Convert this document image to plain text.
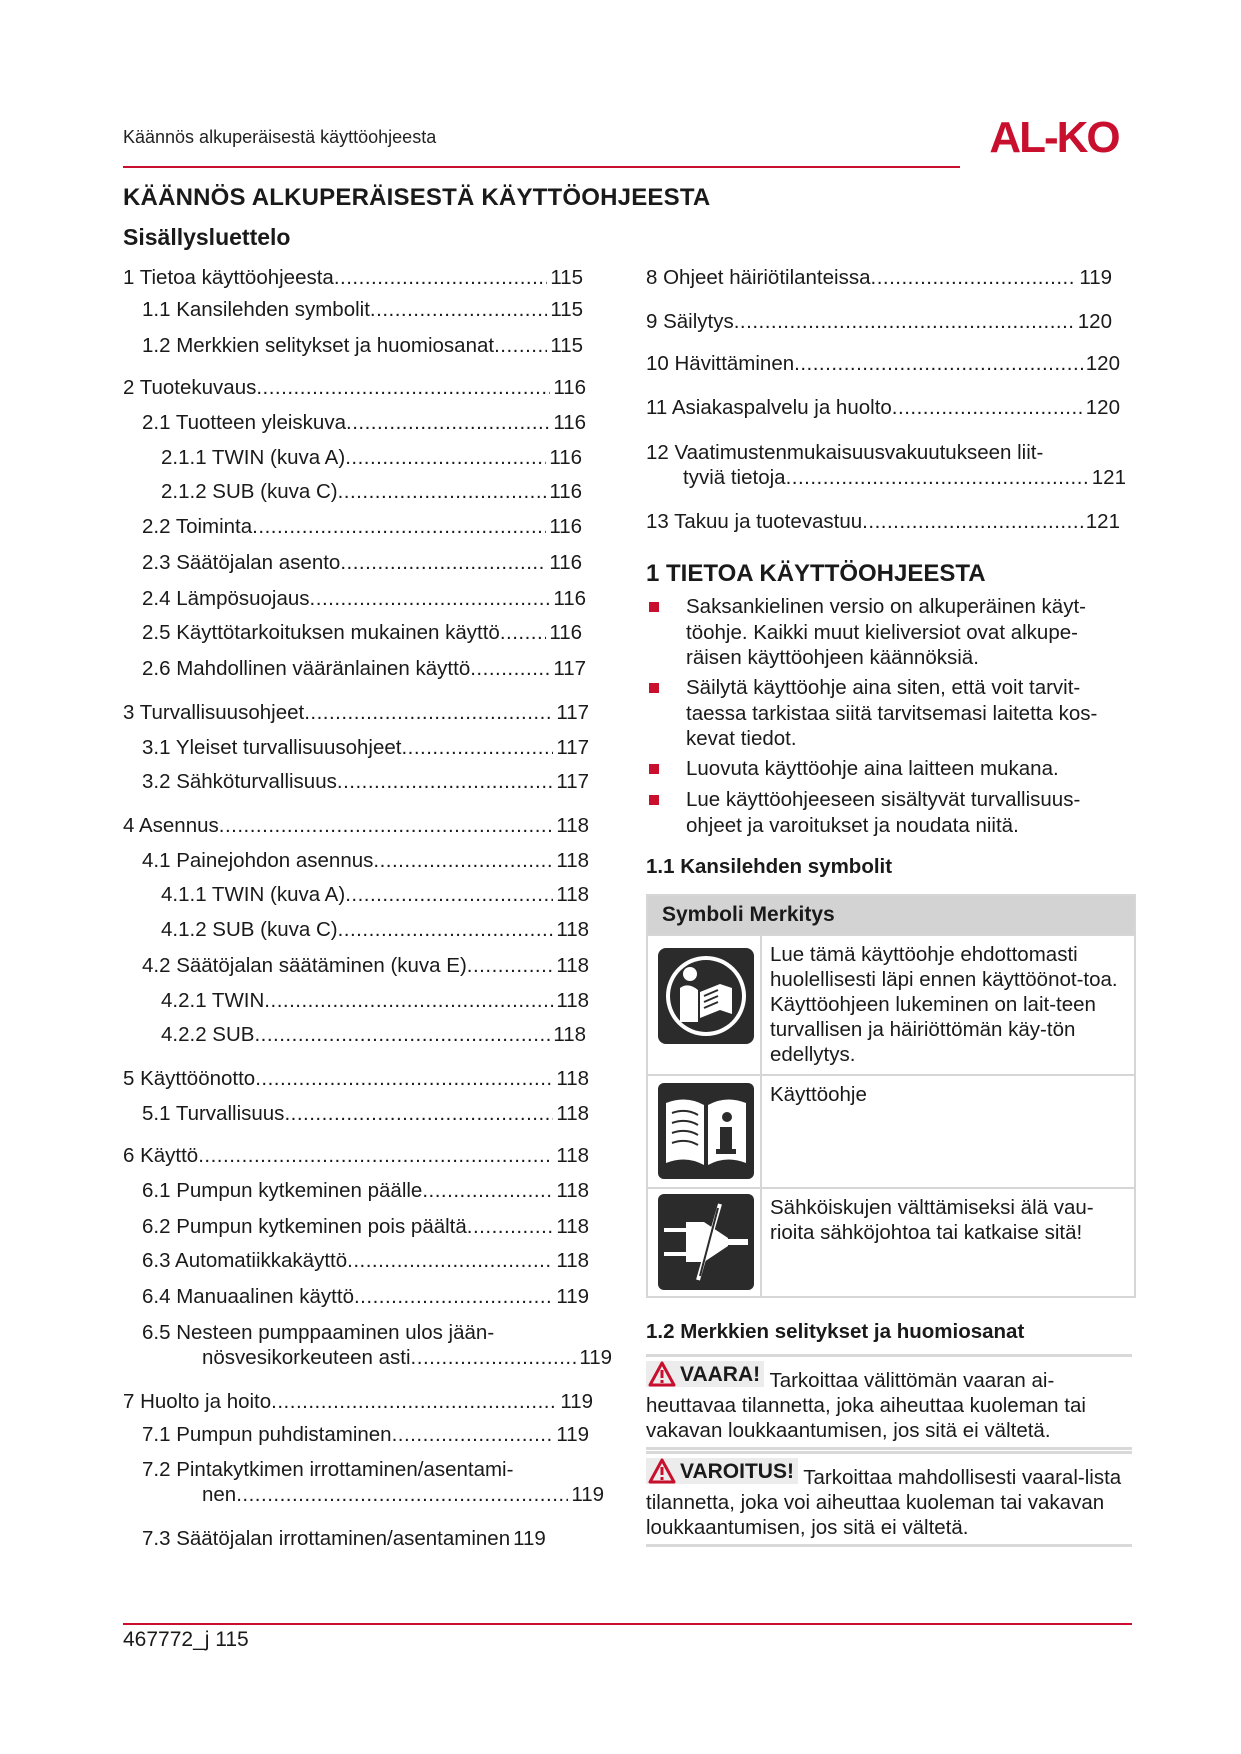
Käännös alkuperäisestä käyttöohjeesta	AL-KO
KÄÄNNÖS ALKUPERÄISESTÄ KÄYTTÖOHJEESTA
Sisällysluettelo
1 Tietoa käyttöohjeesta .....	115
1.1 Kansilehden symbolit .....	115
1.2 Merkkien selitykset ja huomiosanat .....	115
2 Tuotekuvaus .....	116
2.1 Tuotteen yleiskuva .....	116
2.1.1 TWIN (kuva A) .....	116
2.1.2 SUB (kuva C) .....	116
2.2 Toiminta .....	116
2.3 Säätöjalan asento .....	116
2.4 Lämpösuojaus .....	116
2.5 Käyttötarkoituksen mukainen käyttö ..... 116
2.6 Mahdollinen vääränlainen käyttö .....	117
3 Turvallisuusohjeet .....	117
3.1 Yleiset turvallisuusohjeet .....	117
3.2 Sähköturvallisuus .....	117
4 Asennus .....	118
4.1 Painejohdon asennus .....	118
4.1.1 TWIN (kuva A) .....	118
4.1.2 SUB (kuva C) .....	118
4.2 Säätöjalan säätäminen (kuva E) .....	118
4.2.1 TWIN .....	118
4.2.2 SUB .....	118
5 Käyttöönotto .....	118
5.1 Turvallisuus .....	118
6 Käyttö .....	118
6.1 Pumpun kytkeminen päälle .....	118
6.2 Pumpun kytkeminen pois päältä .....	118
6.3 Automatiikkakäyttö .....	118
6.4 Manuaalinen käyttö .....	119
6.5 Nesteen pumppaaminen ulos jään-
nösvesikorkeuteen asti .....	119
7 Huolto ja hoito .....	119
7.1 Pumpun puhdistaminen .....	119
7.2 Pintakytkimen irrottaminen/asentami-
nen .....	119
7.3 Säätöjalan irrottaminen/asentaminen 119
8 Ohjeet häiriötilanteissa .....	119
9 Säilytys .....	120
10 Hävittäminen .....	120
11 Asiakaspalvelu ja huolto .....	120
12 Vaatimustenmukaisuusvakuutukseen liit-
tyviä tietoja .....	121
13 Takuu ja tuotevastuu .....	121
1 TIETOA KÄYTTÖOHJEESTA
Saksankielinen versio on alkuperäinen käyt-töohje. Kaikki muut kieliversiot ovat alkupe-räisen käyttöohjeen käännöksiä.
Säilytä käyttöohje aina siten, että voit tarvit-taessa tarkistaa siitä tarvitsemasi laitetta kos-kevat tiedot.
Luovuta käyttöohje aina laitteen mukana.
Lue käyttöohjeeseen sisältyvät turvallisuus-ohjeet ja varoitukset ja noudata niitä.
1.1 Kansilehden symbolit
Symboli Merkitys
Lue tämä käyttöohje ehdottomasti huolellisesti läpi ennen käyttöönot-toa. Käyttöohjeen lukeminen on lait-teen turvallisen ja häiriöttömän käy-tön edellytys.
Käyttöohje
Sähköiskujen välttämiseksi älä vau-rioita sähköjohtoa tai katkaise sitä!
1.2 Merkkien selitykset ja huomiosanat
VAARA! Tarkoittaa välittömän vaaran ai-heuttavaa tilannetta, joka aiheuttaa kuoleman tai vakavan loukkaantumisen, jos sitä ei vältetä.
VAROITUS! Tarkoittaa mahdollisesti vaaral-lista tilannetta, joka voi aiheuttaa kuoleman tai vakavan loukkaantumisen, jos sitä ei vältetä.
467772_j 115
